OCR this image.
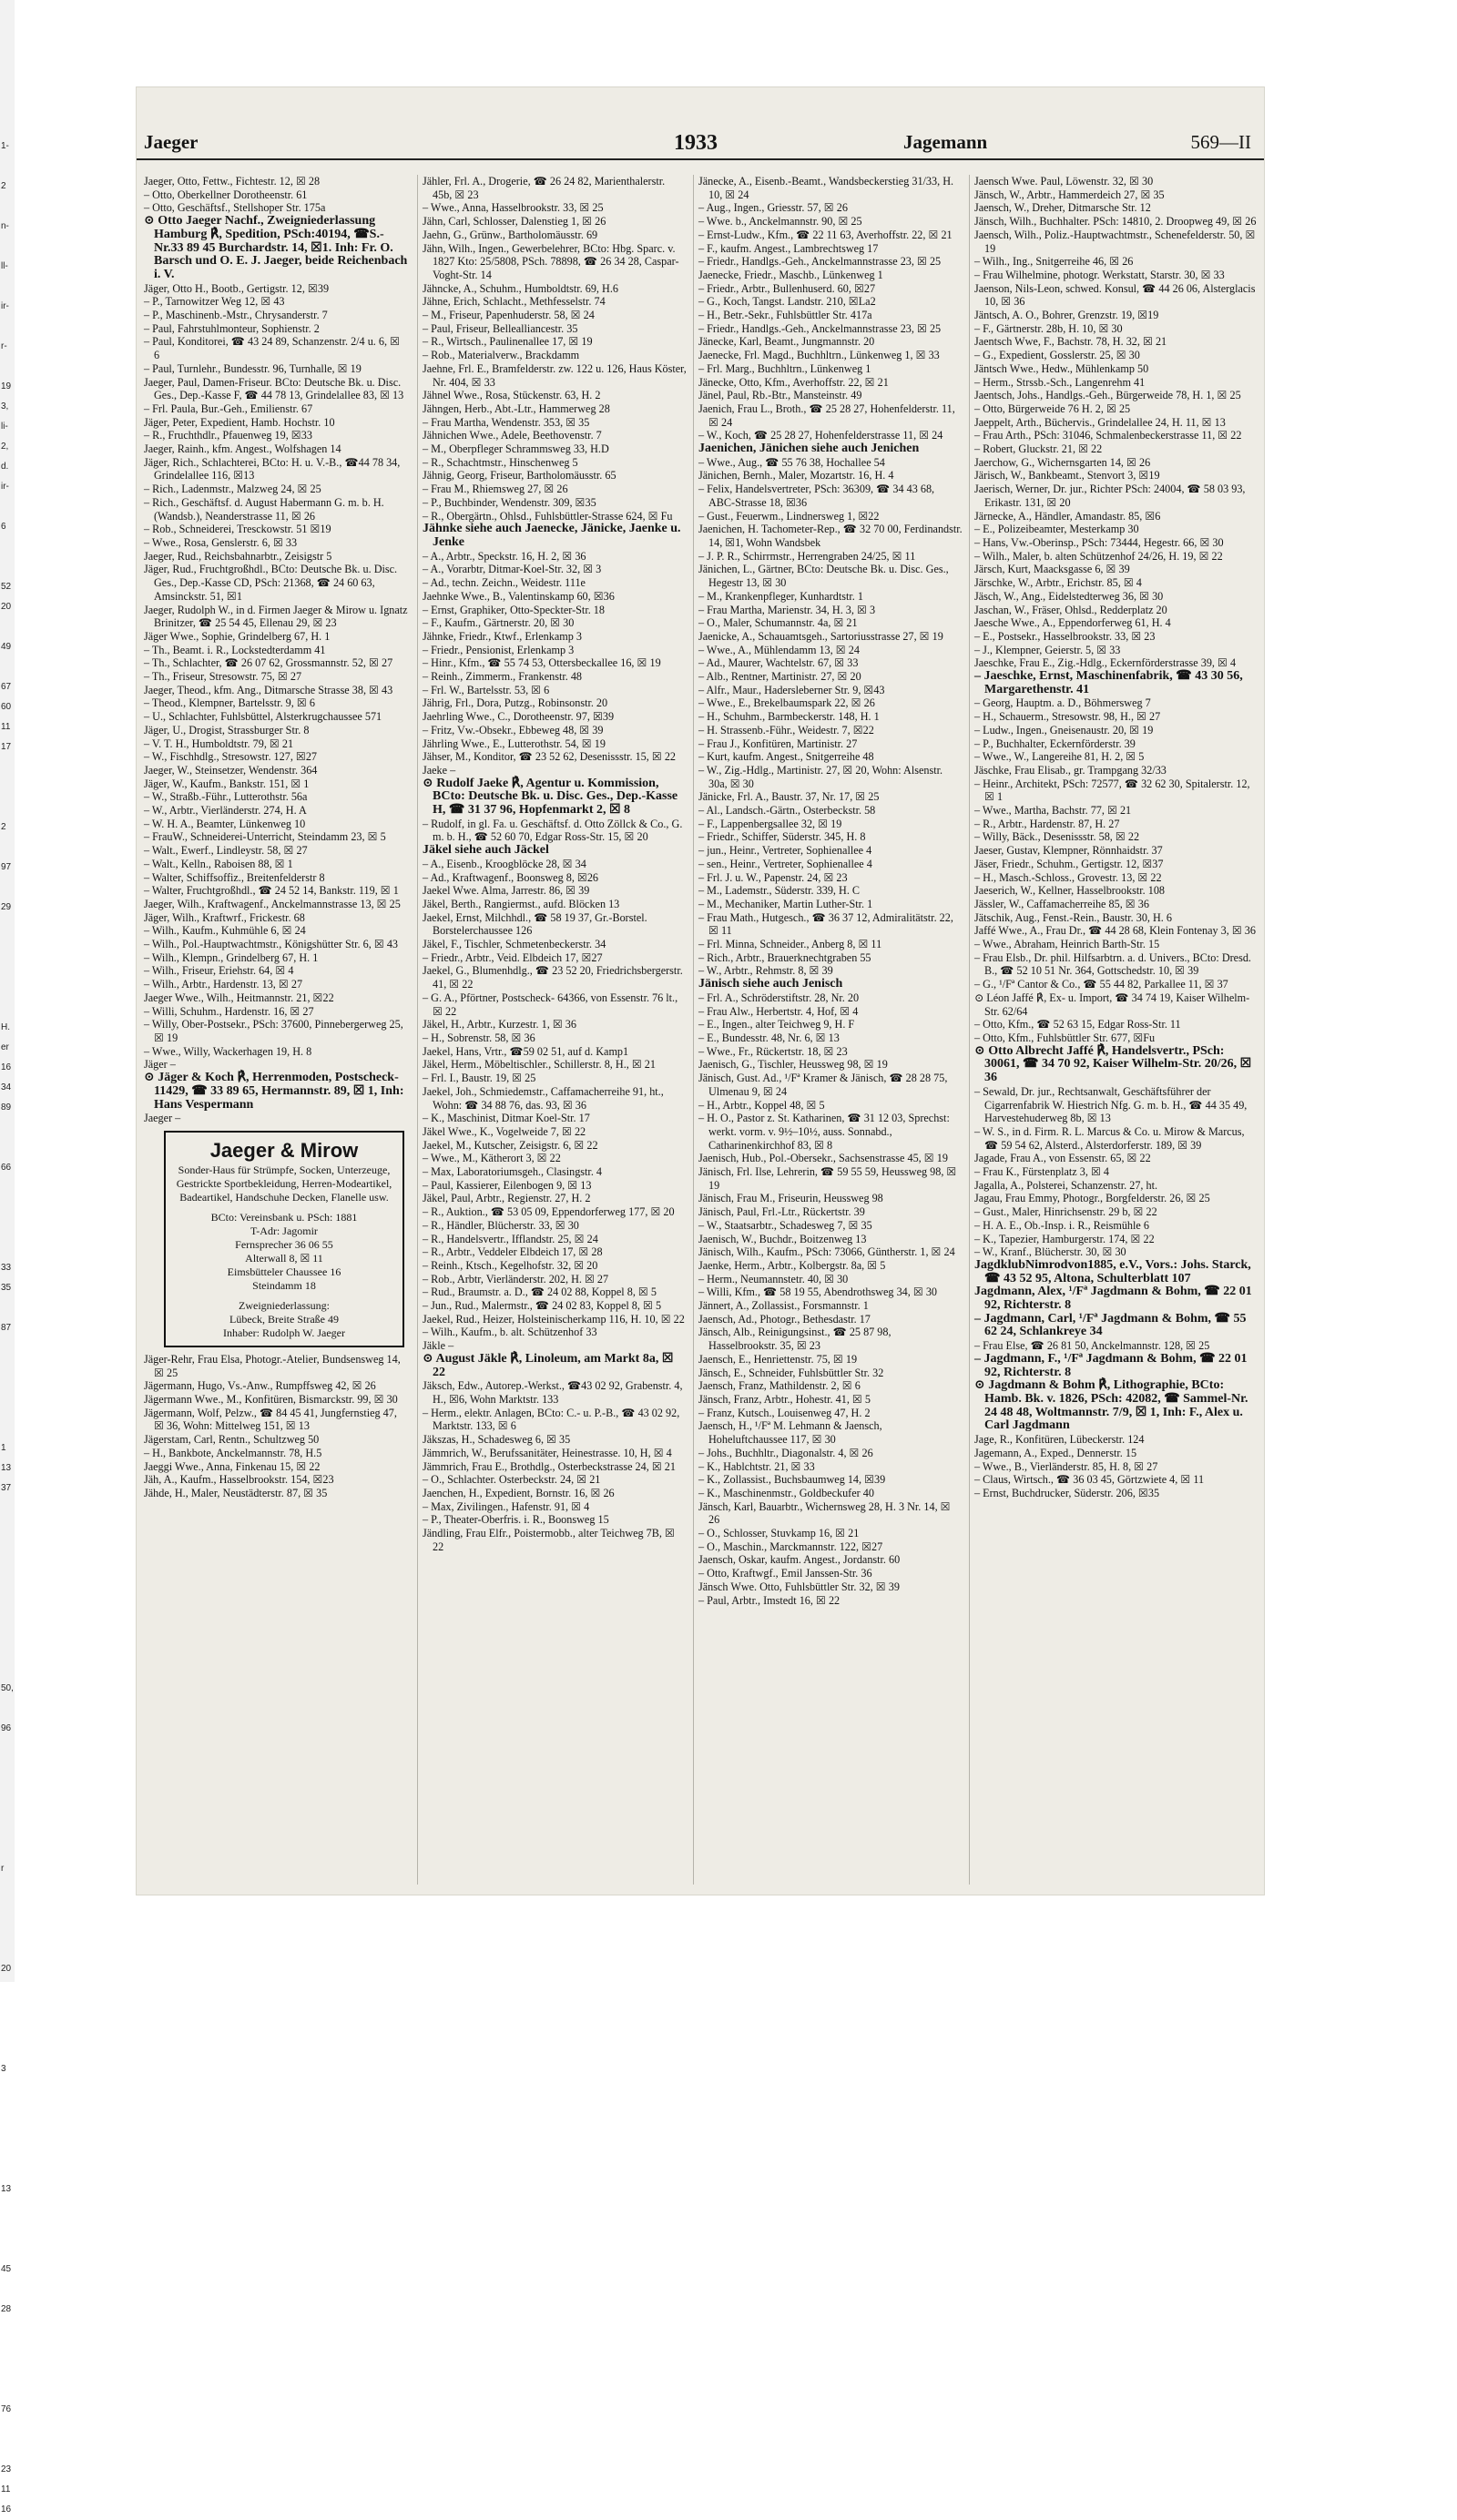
1-
2
n-
ll-
ir-
r-
19
3,
li-
2,
d.
ir-
6
52
20
49
67
60
11
17
2
97
29
H.
er
16
34
89
66
33
35
87
1
13
37
50,
96
r
20
3
13
45
28
76
23
11
16
Jaeger	1933	Jagemann	569—II

Jaeger, Otto, Fettw., Fichtestr. 12, ☒ 28

– Otto, Oberkellner Dorotheenstr. 61

– Otto, Geschäftsf., Stellshoper Str. 175a

⊙ Otto Jaeger Nachf., Zweigniederlassung Hamburg ℟, Spedition, PSch:40194, ☎S.-Nr.33 89 45 Burchardstr. 14, ☒1. Inh: Fr. O. Barsch und O. E. J. Jaeger, beide Reichenbach i. V.

Jäger, Otto H., Bootb., Gertigstr. 12, ☒39

– P., Tarnowitzer Weg 12, ☒ 43

– P., Maschinenb.-Mstr., Chrysanderstr. 7

– Paul, Fahrstuhlmonteur, Sophienstr. 2

– Paul, Konditorei, ☎ 43 24 89, Schanzenstr. 2/4 u. 6, ☒ 6

– Paul, Turnlehr., Bundesstr. 96, Turnhalle, ☒ 19

Jaeger, Paul, Damen-Friseur. BCto: Deutsche Bk. u. Disc. Ges., Dep.-Kasse F, ☎ 44 78 13, Grindelallee 83, ☒ 13

– Frl. Paula, Bur.-Geh., Emilienstr. 67

Jäger, Peter, Expedient, Hamb. Hochstr. 10

– R., Fruchthdlr., Pfauenweg 19, ☒33

Jaeger, Rainh., kfm. Angest., Wolfshagen 14

Jäger, Rich., Schlachterei, BCto: H. u. V.-B., ☎44 78 34, Grindelallee 116, ☒13

– Rich., Ladenmstr., Malzweg 24, ☒ 25

– Rich., Geschäftsf. d. August Habermann G. m. b. H. (Wandsb.), Neanderstrasse 11, ☒ 26

– Rob., Schneiderei, Tresckowstr. 51 ☒19

– Wwe., Rosa, Genslerstr. 6, ☒ 33

Jaeger, Rud., Reichsbahnarbtr., Zeisigstr 5

Jäger, Rud., Fruchtgroßhdl., BCto: Deutsche Bk. u. Disc. Ges., Dep.-Kasse CD, PSch: 21368, ☎ 24 60 63, Amsinckstr. 51, ☒1

Jaeger, Rudolph W., in d. Firmen Jaeger & Mirow u. Ignatz Brinitzer, ☎ 25 54 45, Ellenau 29, ☒ 23

Jäger Wwe., Sophie, Grindelberg 67, H. 1

– Th., Beamt. i. R., Lockstedterdamm 41

– Th., Schlachter, ☎ 26 07 62, Grossmannstr. 52, ☒ 27

– Th., Friseur, Stresowstr. 75, ☒ 27

Jaeger, Theod., kfm. Ang., Ditmarsche Strasse 38, ☒ 43

– Theod., Klempner, Bartelsstr. 9, ☒ 6

– U., Schlachter, Fuhlsbüttel, Alsterkrugchaussee 571

Jäger, U., Drogist, Strassburger Str. 8

– V. T. H., Humboldtstr. 79, ☒ 21

– W., Fischhdlg., Stresowstr. 127, ☒27

Jaeger, W., Steinsetzer, Wendenstr. 364

Jäger, W., Kaufm., Bankstr. 151, ☒ 1

– W., Straßb.-Führ., Lutterothstr. 56a

– W., Arbtr., Vierländerstr. 274, H. A

– W. H. A., Beamter, Lünkenweg 10

– FrauW., Schneiderei-Unterricht, Steindamm 23, ☒ 5

– Walt., Ewerf., Lindleystr. 58, ☒ 27

– Walt., Kelln., Raboisen 88, ☒ 1

– Walter, Schiffsoffiz., Breitenfelderstr 8

– Walter, Fruchtgroßhdl., ☎ 24 52 14, Bankstr. 119, ☒ 1

Jaeger, Wilh., Kraftwagenf., Anckelmannstrasse 13, ☒ 25

Jäger, Wilh., Kraftwrf., Frickestr. 68

– Wilh., Kaufm., Kuhmühle 6, ☒ 24

– Wilh., Pol.-Hauptwachtmstr., Königshütter Str. 6, ☒ 43

– Wilh., Klempn., Grindelberg 67, H. 1

– Wilh., Friseur, Eriehstr. 64, ☒ 4

– Wilh., Arbtr., Hardenstr. 13, ☒ 27

Jaeger Wwe., Wilh., Heitmannstr. 21, ☒22

– Willi, Schuhm., Hardenstr. 16, ☒ 27

– Willy, Ober-Postsekr., PSch: 37600, Pinnebergerweg 25, ☒ 19

– Wwe., Willy, Wackerhagen 19, H. 8

Jäger –

⊙ Jäger & Koch ℟, Herrenmoden, Postscheck- 11429, ☎ 33 89 65, Hermannstr. 89, ☒ 1, Inh: Hans Vespermann

Jaeger –

Jaeger & Mirow
Sonder-Haus für Strümpfe, Socken, Unterzeuge, Gestrickte Sportbekleidung, Herren-Modeartikel, Badeartikel, Handschuhe Decken, Flanelle usw.
BCto: Vereinsbank u. PSch: 1881
T-Adr: Jagomir
Fernsprecher 36 06 55
Alterwall 8, ☒ 11
Eimsbütteler Chaussee 16
Steindamm 18
Zweigniederlassung:
Lübeck, Breite Straße 49
Inhaber: Rudolph W. Jaeger

Jäger-Rehr, Frau Elsa, Photogr.-Atelier, Bundsensweg 14, ☒ 25

Jägermann, Hugo, Vs.-Anw., Rumpffsweg 42, ☒ 26

Jägermann Wwe., M., Konfitüren, Bismarckstr. 99, ☒ 30

Jägermann, Wolf, Pelzw., ☎ 84 45 41, Jungfernstieg 47, ☒ 36, Wohn: Mittelweg 151, ☒ 13

Jägerstam, Carl, Rentn., Schultzweg 50

– H., Bankbote, Anckelmannstr. 78, H.5

Jaeggi Wwe., Anna, Finkenau 15, ☒ 22

Jäh, A., Kaufm., Hasselbrookstr. 154, ☒23

Jähde, H., Maler, Neustädterstr. 87, ☒ 35

Jähler, Frl. A., Drogerie, ☎ 26 24 82, Marienthalerstr. 45b, ☒ 23

– Wwe., Anna, Hasselbrookstr. 33, ☒ 25

Jähn, Carl, Schlosser, Dalenstieg 1, ☒ 26

Jaehn, G., Grünw., Bartholomäusstr. 69

Jähn, Wilh., Ingen., Gewerbelehrer, BCto: Hbg. Sparc. v. 1827 Kto: 25/5808, PSch. 78898, ☎ 26 34 28, Caspar-Voght-Str. 14

Jähncke, A., Schuhm., Humboldtstr. 69, H.6

Jähne, Erich, Schlacht., Methfesselstr. 74

– M., Friseur, Papenhuderstr. 58, ☒ 24

– Paul, Friseur, Bellealliancestr. 35

– R., Wirtsch., Paulinenallee 17, ☒ 19

– Rob., Materialverw., Brackdamm

Jaehne, Frl. E., Bramfelderstr. zw. 122 u. 126, Haus Köster, Nr. 404, ☒ 33

Jähnel Wwe., Rosa, Stückenstr. 63, H. 2

Jähngen, Herb., Abt.-Ltr., Hammerweg 28

– Frau Martha, Wendenstr. 353, ☒ 35

Jähnichen Wwe., Adele, Beethovenstr. 7

– M., Oberpfleger Schrammsweg 33, H.D

– R., Schachtmstr., Hinschenweg 5

Jähnig, Georg, Friseur, Bartholomäusstr. 65

– Frau M., Rhiemsweg 27, ☒ 26

– P., Buchbinder, Wendenstr. 309, ☒35

– R., Obergärtn., Ohlsd., Fuhlsbüttler-Strasse 624, ☒ Fu

Jähnke siehe auch Jaenecke, Jänicke, Jaenke u. Jenke

– A., Arbtr., Speckstr. 16, H. 2, ☒ 36

– A., Vorarbtr, Ditmar-Koel-Str. 32, ☒ 3

– Ad., techn. Zeichn., Weidestr. 111e

Jaehnke Wwe., B., Valentinskamp 60, ☒36

– Ernst, Graphiker, Otto-Speckter-Str. 18

– F., Kaufm., Gärtnerstr. 20, ☒ 30

Jähnke, Friedr., Ktwf., Erlenkamp 3

– Friedr., Pensionist, Erlenkamp 3

– Hinr., Kfm., ☎ 55 74 53, Ottersbeckallee 16, ☒ 19

– Reinh., Zimmerm., Frankenstr. 48

– Frl. W., Bartelsstr. 53, ☒ 6

Jährig, Frl., Dora, Putzg., Robinsonstr. 20

Jaehrling Wwe., C., Dorotheenstr. 97, ☒39

– Fritz, Vw.-Obsekr., Ebbeweg 48, ☒ 39

Jährling Wwe., E., Lutterothstr. 54, ☒ 19

Jähser, M., Konditor, ☎ 23 52 62, Desenissstr. 15, ☒ 22

Jaeke –

⊙ Rudolf Jaeke ℟, Agentur u. Kommission, BCto: Deutsche Bk. u. Disc. Ges., Dep.-Kasse H, ☎ 31 37 96, Hopfenmarkt 2, ☒ 8

– Rudolf, in gl. Fa. u. Geschäftsf. d. Otto Zöllck & Co., G. m. b. H., ☎ 52 60 70, Edgar Ross-Str. 15, ☒ 20

Jäkel siehe auch Jäckel

– A., Eisenb., Kroogblöcke 28, ☒ 34

– Ad., Kraftwagenf., Boonsweg 8, ☒26

Jaekel Wwe. Alma, Jarrestr. 86, ☒ 39

Jäkel, Berth., Rangiermst., aufd. Blöcken 13

Jaekel, Ernst, Milchhdl., ☎ 58 19 37, Gr.-Borstel. Borstelerchaussee 126

Jäkel, F., Tischler, Schmetenbeckerstr. 34

– Friedr., Arbtr., Veid. Elbdeich 17, ☒27

Jaekel, G., Blumenhdlg., ☎ 23 52 20, Friedrichsbergerstr. 41, ☒ 22

– G. A., Pförtner, Postscheck- 64366, von Essenstr. 76 lt., ☒ 22

Jäkel, H., Arbtr., Kurzestr. 1, ☒ 36

– H., Sobrenstr. 58, ☒ 36

Jaekel, Hans, Vrtr., ☎59 02 51, auf d. Kamp1

Jäkel, Herm., Möbeltischler., Schillerstr. 8, H., ☒ 21

– Frl. I., Baustr. 19, ☒ 25

Jaekel, Joh., Schmiedemstr., Caffamacherreihe 91, ht., Wohn: ☎ 34 88 76, das. 93, ☒ 36

– K., Maschinist, Ditmar Koel-Str. 17

Jäkel Wwe., K., Vogelweide 7, ☒ 22

Jaekel, M., Kutscher, Zeisigstr. 6, ☒ 22

– Wwe., M., Kätherort 3, ☒ 22

– Max, Laboratoriumsgeh., Clasingstr. 4

– Paul, Kassierer, Eilenbogen 9, ☒ 13

Jäkel, Paul, Arbtr., Regienstr. 27, H. 2

– R., Auktion., ☎ 53 05 09, Eppendorferweg 177, ☒ 20

– R., Händler, Blücherstr. 33, ☒ 30

– R., Handelsvertr., Ifflandstr. 25, ☒ 24

– R., Arbtr., Veddeler Elbdeich 17, ☒ 28

– Reinh., Ktsch., Kegelhofstr. 32, ☒ 20

– Rob., Arbtr, Vierländerstr. 202, H. ☒ 27

– Rud., Braumstr. a. D., ☎ 24 02 88, Koppel 8, ☒ 5

– Jun., Rud., Malermstr., ☎ 24 02 83, Koppel 8, ☒ 5

Jaekel, Rud., Heizer, Holsteinischerkamp 116, H. 10, ☒ 22

– Wilh., Kaufm., b. alt. Schützenhof 33

Jäkle –

⊙ August Jäkle ℟, Linoleum, am Markt 8a, ☒ 22

Jäksch, Edw., Autorep.-Werkst., ☎43 02 92, Grabenstr. 4, H., ☒6, Wohn Marktstr. 133

– Herm., elektr. Anlagen, BCto: C.- u. P.-B., ☎ 43 02 92, Marktstr. 133, ☒ 6

Jäkszas, H., Schadesweg 6, ☒ 35

Jämmrich, W., Berufssanitäter, Heinestrasse. 10, H, ☒ 4

Jämmrich, Frau E., Brothdlg., Osterbeckstrasse 24, ☒ 21

– O., Schlachter. Osterbeckstr. 24, ☒ 21

Jaenchen, H., Expedient, Bornstr. 16, ☒ 26

– Max, Zivilingen., Hafenstr. 91, ☒ 4

– P., Theater-Oberfris. i. R., Boonsweg 15

Jändling, Frau Elfr., Poistermobb., alter Teichweg 7B, ☒ 22

Jänecke, A., Eisenb.-Beamt., Wandsbeckerstieg 31/33, H. 10, ☒ 24

– Aug., Ingen., Griesstr. 57, ☒ 26

– Wwe. b., Anckelmannstr. 90, ☒ 25

– Ernst-Ludw., Kfm., ☎ 22 11 63, Averhoffstr. 22, ☒ 21

– F., kaufm. Angest., Lambrechtsweg 17

– Friedr., Handlgs.-Geh., Anckelmannstrasse 23, ☒ 25

Jaenecke, Friedr., Maschb., Lünkenweg 1

– Friedr., Arbtr., Bullenhuserd. 60, ☒27

– G., Koch, Tangst. Landstr. 210, ☒La2

– H., Betr.-Sekr., Fuhlsbüttler Str. 417a

– Friedr., Handlgs.-Geh., Anckelmannstrasse 23, ☒ 25

Jänecke, Karl, Beamt., Jungmannstr. 20

Jaenecke, Frl. Magd., Buchhltrn., Lünkenweg 1, ☒ 33

– Frl. Marg., Buchhltrn., Lünkenweg 1

Jänecke, Otto, Kfm., Averhoffstr. 22, ☒ 21

Jänel, Paul, Rb.-Btr., Mansteinstr. 49

Jaenich, Frau L., Broth., ☎ 25 28 27, Hohenfelderstr. 11, ☒ 24

– W., Koch, ☎ 25 28 27, Hohenfelderstrasse 11, ☒ 24

Jaenichen, Jänichen siehe auch Jenichen

– Wwe., Aug., ☎ 55 76 38, Hochallee 54

Jänichen, Bernh., Maler, Mozartstr. 16, H. 4

– Felix, Handelsvertreter, PSch: 36309, ☎ 34 43 68, ABC-Strasse 18, ☒36

– Gust., Feuerwm., Lindnersweg 1, ☒22

Jaenichen, H. Tachometer-Rep., ☎ 32 70 00, Ferdinandstr. 14, ☒1, Wohn Wandsbek

– J. P. R., Schirrmstr., Herrengraben 24/25, ☒ 11

Jänichen, L., Gärtner, BCto: Deutsche Bk. u. Disc. Ges., Hegestr 13, ☒ 30

– M., Krankenpfleger, Kunhardtstr. 1

– Frau Martha, Marienstr. 34, H. 3, ☒ 3

– O., Maler, Schumannstr. 4a, ☒ 21

Jaenicke, A., Schauamtsgeh., Sartoriusstrasse 27, ☒ 19

– Wwe., A., Mühlendamm 13, ☒ 24

– Ad., Maurer, Wachtelstr. 67, ☒ 33

– Alb., Rentner, Martinistr. 27, ☒ 20

– Alfr., Maur., Hadersleberner Str. 9, ☒43

– Wwe., E., Brekelbaumspark 22, ☒ 26

– H., Schuhm., Barmbeckerstr. 148, H. 1

– H. Strassenb.-Führ., Weidestr. 7, ☒22

– Frau J., Konfitüren, Martinistr. 27

– Kurt, kaufm. Angest., Snitgerreihe 48

– W., Zig.-Hdlg., Martinistr. 27, ☒ 20, Wohn: Alsenstr. 30a, ☒ 30

Jänicke, Frl. A., Baustr. 37, Nr. 17, ☒ 25

– Al., Landsch.-Gärtn., Osterbeckstr. 58

– F., Lappenbergsallee 32, ☒ 19

– Friedr., Schiffer, Süderstr. 345, H. 8

– jun., Heinr., Vertreter, Sophienallee 4

– sen., Heinr., Vertreter, Sophienallee 4

– Frl. J. u. W., Papenstr. 24, ☒ 23

– M., Lademstr., Süderstr. 339, H. C

– M., Mechaniker, Martin Luther-Str. 1

– Frau Math., Hutgesch., ☎ 36 37 12, Admiralitätstr. 22, ☒ 11

– Frl. Minna, Schneider., Anberg 8, ☒ 11

– Rich., Arbtr., Brauerknechtgraben 55

– W., Arbtr., Rehmstr. 8, ☒ 39

Jänisch siehe auch Jenisch

– Frl. A., Schröderstiftstr. 28, Nr. 20

– Frau Alw., Herbertstr. 4, Hof, ☒ 4

– E., Ingen., alter Teichweg 9, H. F

– E., Bundesstr. 48, Nr. 6, ☒ 13

– Wwe., Fr., Rückertstr. 18, ☒ 23

Jaenisch, G., Tischler, Heussweg 98, ☒ 19

Jänisch, Gust. Ad., ¹/Fª Kramer & Jänisch, ☎ 28 28 75, Ulmenau 9, ☒ 24

– H., Arbtr., Koppel 48, ☒ 5

– H. O., Pastor z. St. Katharinen, ☎ 31 12 03, Sprechst: werkt. vorm. v. 9½–10½, auss. Sonnabd., Catharinenkirchhof 83, ☒ 8

Jaenisch, Hub., Pol.-Obersekr., Sachsenstrasse 45, ☒ 19

Jänisch, Frl. Ilse, Lehrerin, ☎ 59 55 59, Heussweg 98, ☒ 19

Jänisch, Frau M., Friseurin, Heussweg 98

Jänisch, Paul, Frl.-Ltr., Rückertstr. 39

– W., Staatsarbtr., Schadesweg 7, ☒ 35

Jaenisch, W., Buchdr., Boitzenweg 13

Jänisch, Wilh., Kaufm., PSch: 73066, Güntherstr. 1, ☒ 24

Jaenke, Herm., Arbtr., Kolbergstr. 8a, ☒ 5

– Herm., Neumannstetr. 40, ☒ 30

– Willi, Kfm., ☎ 58 19 55, Abendrothsweg 34, ☒ 30

Jännert, A., Zollassist., Forsmannstr. 1

Jaensch, Ad., Photogr., Bethesdastr. 17

Jänsch, Alb., Reinigungsinst., ☎ 25 87 98, Hasselbrookstr. 35, ☒ 23

Jaensch, E., Henriettenstr. 75, ☒ 19

Jänsch, E., Schneider, Fuhlsbüttler Str. 32

Jaensch, Franz, Mathildenstr. 2, ☒ 6

Jänsch, Franz, Arbtr., Hohestr. 41, ☒ 5

– Franz, Kutsch., Louisenweg 47, H. 2

Jaensch, H., ¹/Fª M. Lehmann & Jaensch, Hoheluftchaussee 117, ☒ 30

– Johs., Buchhltr., Diagonalstr. 4, ☒ 26

– K., Hablchtstr. 21, ☒ 33

– K., Zollassist., Buchsbaumweg 14, ☒39

– K., Maschinenmstr., Goldbeckufer 40

Jänsch, Karl, Bauarbtr., Wichernsweg 28, H. 3 Nr. 14, ☒ 26

– O., Schlosser, Stuvkamp 16, ☒ 21

– O., Maschin., Marckmannstr. 122, ☒27

Jaensch, Oskar, kaufm. Angest., Jordanstr. 60

– Otto, Kraftwgf., Emil Janssen-Str. 36

Jänsch Wwe. Otto, Fuhlsbüttler Str. 32, ☒ 39

– Paul, Arbtr., Imstedt 16, ☒ 22

Jaensch Wwe. Paul, Löwenstr. 32, ☒ 30

Jänsch, W., Arbtr., Hammerdeich 27, ☒ 35

Jaensch, W., Dreher, Ditmarsche Str. 12

Jänsch, Wilh., Buchhalter. PSch: 14810, 2. Droopweg 49, ☒ 26

Jaensch, Wilh., Poliz.-Hauptwachtmstr., Schenefelderstr. 50, ☒ 19

– Wilh., Ing., Snitgerreihe 46, ☒ 26

– Frau Wilhelmine, photogr. Werkstatt, Starstr. 30, ☒ 33

Jaenson, Nils-Leon, schwed. Konsul, ☎ 44 26 06, Alsterglacis 10, ☒ 36

Jäntsch, A. O., Bohrer, Grenzstr. 19, ☒19

– F., Gärtnerstr. 28b, H. 10, ☒ 30

Jaentsch Wwe, F., Bachstr. 78, H. 32, ☒ 21

– G., Expedient, Gosslerstr. 25, ☒ 30

Jäntsch Wwe., Hedw., Mühlenkamp 50

– Herm., Strssb.-Sch., Langenrehm 41

Jaentsch, Johs., Handlgs.-Geh., Bürgerweide 78, H. 1, ☒ 25

– Otto, Bürgerweide 76 H. 2, ☒ 25

Jaeppelt, Arth., Büchervis., Grindelallee 24, H. 11, ☒ 13

– Frau Arth., PSch: 31046, Schmalenbeckerstrasse 11, ☒ 22

– Robert, Gluckstr. 21, ☒ 22

Jaerchow, G., Wichernsgarten 14, ☒ 26

Järisch, W., Bankbeamt., Stenvort 3, ☒19

Jaerisch, Werner, Dr. jur., Richter PSch: 24004, ☎ 58 03 93, Erikastr. 131, ☒ 20

Järnecke, A., Händler, Amandastr. 85, ☒6

– E., Polizeibeamter, Mesterkamp 30

– Hans, Vw.-Oberinsp., PSch: 73444, Hegestr. 66, ☒ 30

– Wilh., Maler, b. alten Schützenhof 24/26, H. 19, ☒ 22

Järsch, Kurt, Maacksgasse 6, ☒ 39

Järschke, W., Arbtr., Erichstr. 85, ☒ 4

Jäsch, W., Ang., Eidelstedterweg 36, ☒ 30

Jaschan, W., Fräser, Ohlsd., Redderplatz 20

Jaesche Wwe., A., Eppendorferweg 61, H. 4

– E., Postsekr., Hasselbrookstr. 33, ☒ 23

– J., Klempner, Geierstr. 5, ☒ 33

Jaeschke, Frau E., Zig.-Hdlg., Eckernförderstrasse 39, ☒ 4

– Jaeschke, Ernst, Maschinenfabrik, ☎ 43 30 56, Margarethenstr. 41

– Georg, Hauptm. a. D., Böhmersweg 7

– H., Schauerm., Stresowstr. 98, H., ☒ 27

– Ludw., Ingen., Gneisenaustr. 20, ☒ 19

– P., Buchhalter, Eckernförderstr. 39

– Wwe., W., Langereihe 81, H. 2, ☒ 5

Jäschke, Frau Elisab., gr. Trampgang 32/33

– Heinr., Architekt, PSch: 72577, ☎ 32 62 30, Spitalerstr. 12, ☒ 1

– Wwe., Martha, Bachstr. 77, ☒ 21

– R., Arbtr., Hardenstr. 87, H. 27

– Willy, Bäck., Desenissstr. 58, ☒ 22

Jaeser, Gustav, Klempner, Rönnhaidstr. 37

Jäser, Friedr., Schuhm., Gertigstr. 12, ☒37

– H., Masch.-Schloss., Grovestr. 13, ☒ 22

Jaeserich, W., Kellner, Hasselbrookstr. 108

Jässler, W., Caffamacherreihe 85, ☒ 36

Jätschik, Aug., Fenst.-Rein., Baustr. 30, H. 6

Jaffé Wwe., A., Frau Dr., ☎ 44 28 68, Klein Fontenay 3, ☒ 36

– Wwe., Abraham, Heinrich Barth-Str. 15

– Frau Elsb., Dr. phil. Hilfsarbtrn. a. d. Univers., BCto: Dresd. B., ☎ 52 10 51 Nr. 364, Gottschedstr. 10, ☒ 39

– G., ¹/Fª Cantor & Co., ☎ 55 44 82, Parkallee 11, ☒ 37

⊙ Léon Jaffé ℟, Ex- u. Import, ☎ 34 74 19, Kaiser Wilhelm-Str. 62/64

– Otto, Kfm., ☎ 52 63 15, Edgar Ross-Str. 11

– Otto, Kfm., Fuhlsbüttler Str. 677, ☒Fu

⊙ Otto Albrecht Jaffé ℟, Handelsvertr., PSch: 30061, ☎ 34 70 92, Kaiser Wilhelm-Str. 20/26, ☒ 36

– Sewald, Dr. jur., Rechtsanwalt, Geschäftsführer der Cigarrenfabrik W. Hiestrich Nfg. G. m. b. H., ☎ 44 35 49, Harvestehuderweg 8b, ☒ 13

– W. S., in d. Firm. R. L. Marcus & Co. u. Mirow & Marcus, ☎ 59 54 62, Alsterd., Alsterdorferstr. 189, ☒ 39

Jagade, Frau A., von Essenstr. 65, ☒ 22

– Frau K., Fürstenplatz 3, ☒ 4

Jagalla, A., Polsterei, Schanzenstr. 27, ht.

Jagau, Frau Emmy, Photogr., Borgfelderstr. 26, ☒ 25

– Gust., Maler, Hinrichsenstr. 29 b, ☒ 22

– H. A. E., Ob.-Insp. i. R., Reismühle 6

– K., Tapezier, Hamburgerstr. 174, ☒ 22

– W., Kranf., Blücherstr. 30, ☒ 30

JagdklubNimrodvon1885, e.V., Vors.: Johs. Starck, ☎ 43 52 95, Altona, Schulterblatt 107

Jagdmann, Alex, ¹/Fª Jagdmann & Bohm, ☎ 22 01 92, Richterstr. 8

– Jagdmann, Carl, ¹/Fª Jagdmann & Bohm, ☎ 55 62 24, Schlankreye 34

– Frau Else, ☎ 26 81 50, Anckelmannstr. 128, ☒ 25

– Jagdmann, F., ¹/Fª Jagdmann & Bohm, ☎ 22 01 92, Richterstr. 8

⊙ Jagdmann & Bohm ℟, Lithographie, BCto: Hamb. Bk. v. 1826, PSch: 42082, ☎ Sammel-Nr. 24 48 48, Woltmannstr. 7/9, ☒ 1, Inh: F., Alex u. Carl Jagdmann

Jage, R., Konfitüren, Lübeckerstr. 124

Jagemann, A., Exped., Dennerstr. 15

– Wwe., B., Vierländerstr. 85, H. 8, ☒ 27

– Claus, Wirtsch., ☎ 36 03 45, Görtzwiete 4, ☒ 11

– Ernst, Buchdrucker, Süderstr. 206, ☒35
